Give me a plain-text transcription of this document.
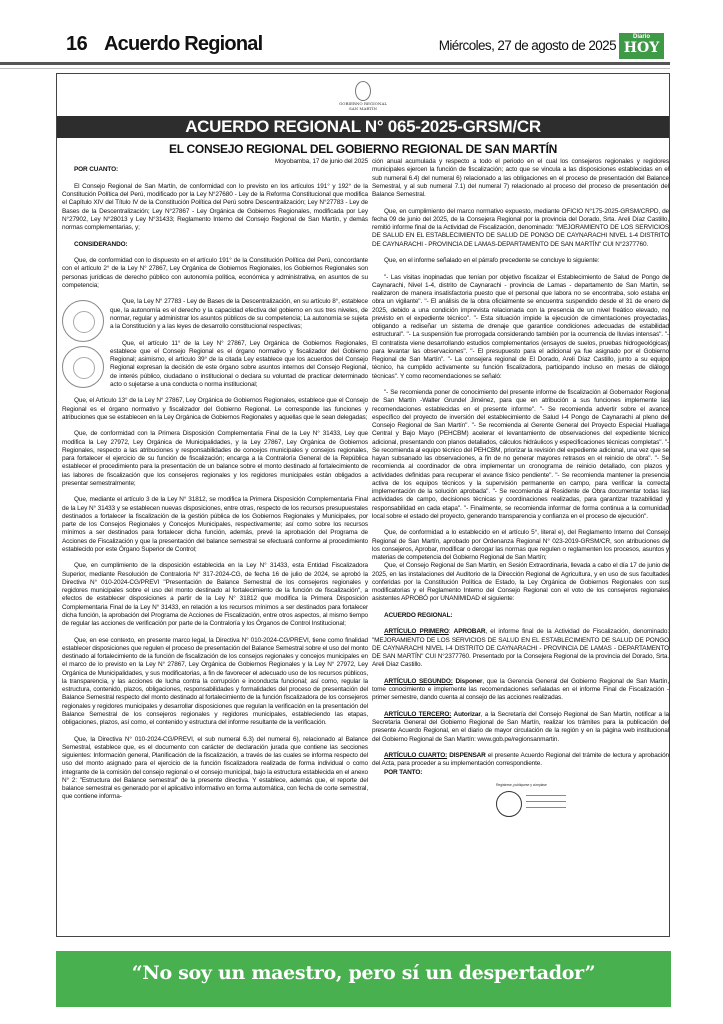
16 Acuerdo Regional	Miércoles, 27 de agosto de 2025
Diario
HOY
GOBIERNO REGIONAL
SAN MARTÍN
ACUERDO REGIONAL N° 065-2025-GRSM/CR
EL CONSEJO REGIONAL DEL GOBIERNO REGIONAL DE SAN MARTÍN
Moyobamba, 17 de junio del 2025
POR CUANTO:

El Consejo Regional de San Martín, de conformidad con lo previsto en los artículos 191° y 192° de la Constitución Política del Perú, modificado por la Ley N°27680 - Ley de la Reforma Constitucional que modifica el Capítulo XIV del Título IV de la Constitución Política del Perú sobre Descentralización; Ley N°27783 - Ley de Bases de la Descentralización; Ley N°27867 - Ley Orgánica de Gobiernos Regionales, modificada por Ley N°27902, Ley N°28013 y Ley N°31433; Reglamento Interno del Consejo Regional de San Martín, y demás normas complementarias, y;

CONSIDERANDO:

Que, de conformidad con lo dispuesto en el artículo 191° de la Constitución Política del Perú, concordante con el artículo 2° de la Ley N° 27867, Ley Orgánica de Gobiernos Regionales, los Gobiernos Regionales son personas jurídicas de derecho público con autonomía política, económica y administrativa, en asuntos de su competencia;

Que, la Ley N° 27783 - Ley de Bases de la Descentralización, en su artículo 8°, establece que, la autonomía es el derecho y la capacidad efectiva del gobierno en sus tres niveles, de normar, regular y administrar los asuntos públicos de su competencia; La autonomía se sujeta a la Constitución y a las leyes de desarrollo constitucional respectivas;

Que, el artículo 11° de la Ley N° 27867, Ley Orgánica de Gobiernos Regionales, establece que el Consejo Regional es el órgano normativo y fiscalizador del Gobierno Regional; asimismo, el artículo 39° de la citada Ley establece que los acuerdos del Consejo Regional expresan la decisión de este órgano sobre asuntos internos del Consejo Regional, de interés público, ciudadano o institucional o declara su voluntad de practicar determinado acto o sujetarse a una conducta o norma institucional;

Que, el Artículo 13° de la Ley N° 27867, Ley Orgánica de Gobiernos Regionales, establece que el Consejo Regional es el órgano normativo y fiscalizador del Gobierno Regional. Le corresponde las funciones y atribuciones que se establecen en la Ley Orgánica de Gobiernos Regionales y aquellas que le sean delegadas;

Que, de conformidad con la Primera Disposición Complementaria Final de la Ley N° 31433, Ley que modifica la Ley 27972, Ley Orgánica de Municipalidades, y la Ley 27867, Ley Orgánica de Gobiernos Regionales, respecto a las atribuciones y responsabilidades de concejos municipales y consejos regionales, para fortalecer el ejercicio de su función de fiscalización; encarga a la Contraloría General de la República establecer el procedimiento para la presentación de un balance sobre el monto destinado al fortalecimiento de las labores de fiscalización que los consejeros regionales y los regidores municipales están obligados a presentar semestralmente;

Que, mediante el artículo 3 de la Ley N° 31812, se modifica la Primera Disposición Complementaria Final de la Ley N° 31433 y se establecen nuevas disposiciones, entre otras, respecto de los recursos presupuestales destinados a fortalecer la fiscalización de la gestión pública de los Gobiernos Regionales y Municipales, por parte de los Consejos Regionales y Concejos Municipales, respectivamente; así como sobre los recursos mínimos a ser destinados para fortalecer dicha función, además, prevé la aprobación del Programa de Acciones de Fiscalización y que la presentación del balance semestral se efectuará conforme al procedimiento establecido por este Órgano Superior de Control;

Que, en cumplimiento de la disposición establecida en la Ley N° 31433, esta Entidad Fiscalizadora Superior, mediante Resolución de Contraloría N° 317-2024-CG, de fecha 16 de julio de 2024, se aprobó la Directiva N° 010-2024-CG/PREVI "Presentación de Balance Semestral de los consejeros regionales y regidores municipales sobre el uso del monto destinado al fortalecimiento de la función de fiscalización", a efectos de establecer disposiciones a partir de la Ley N° 31812 que modifica la Primera Disposición Complementaria Final de la Ley N° 31433, en relación a los recursos mínimos a ser destinados para fortalecer dicha función, la aprobación del Programa de Acciones de Fiscalización, entre otros aspectos, al mismo tiempo de regular las acciones de verificación por parte de la Contraloría y los Órganos de Control Institucional;

Que, en ese contexto, en presente marco legal, la Directiva N° 010-2024-CG/PREVI, tiene como finalidad establecer disposiciones que regulen el proceso de presentación del Balance Semestral sobre el uso del monto destinado al fortalecimiento de la función de fiscalización de los consejos regionales y concejos municipales en el marco de lo previsto en la Ley N° 27867, Ley Orgánica de Gobiernos Regionales y la Ley N° 27972, Ley Orgánica de Municipalidades, y sus modificatorias, a fin de favorecer el adecuado uso de los recursos públicos, la transparencia, y las acciones de lucha contra la corrupción e inconducta funcional; así como, regular la estructura, contenido, plazos, obligaciones, responsabilidades y formalidades del proceso de presentación del Balance Semestral respecto del monto destinado al fortalecimiento de la función fiscalizadora de los consejeros regionales y regidores municipales y desarrollar disposiciones que regulan la verificación en la presentación del Balance Semestral de los consejeros regionales y regidores municipales, estableciendo las etapas, obligaciones, plazos, así como, el contenido y estructura del informe resultante de la verificación.

Que, la Directiva N° 010-2024-CG/PREVI, el sub numeral 6.3) del numeral 6), relacionado al Balance Semestral, establece que, es el documento con carácter de declaración jurada que contiene las secciones siguientes: Información general, Planificación de la fiscalización, a través de las cuales se informa respecto del uso del monto asignado para el ejercicio de la función fiscalizadora realizada de forma individual o como integrante de la comisión del consejo regional o el consejo municipal, bajo la estructura establecida en el anexo N° 2: "Estructura del Balance semestral" de la presente directiva. Y establece, además que, el reporte del balance semestral es generado por el aplicativo informativo en forma automática, con fecha de corte semestral, que contiene informa-

ción anual acumulada y respecto a todo el periodo en el cual los consejeros regionales y regidores municipales ejercen la función de fiscalización; acto que se vincula a las disposiciones establecidas en el sub numeral 6.4) del numeral 6) relacionado a las obligaciones en el proceso de presentación del Balance Semestral, y al sub numeral 7.1) del numeral 7) relacionado al proceso del proceso de presentación del Balance Semestral.

Que, en cumplimiento del marco normativo expuesto, mediante OFICIO N°175-2025-GRSM/CRPD, de fecha 09 de junio del 2025, de la Consejera Regional por la provincia del Dorado, Srta. Areli Díaz Castillo, remitió informe final de la Actividad de Fiscalización, denominado: "MEJORAMIENTO DE LOS SERVICIOS DE SALUD EN EL ESTABLECIMIENTO DE SALUD DE PONGO DE CAYNARACHI NIVEL 1-4 DISTRITO DE CAYNARACHI - PROVINCIA DE LAMAS-DEPARTAMENTO DE SAN MARTÍN" CUI N°2377760.

Que, en el informe señalado en el párrafo precedente se concluye lo siguiente:

"- Las visitas inopinadas que tenían por objetivo fiscalizar el Establecimiento de Salud de Pongo de Caynarachi, Nivel 1-4, distrito de Caynarachi - provincia de Lamas - departamento de San Martín, se realizaron de manera insatisfactoria puesto que el personal que labora no se encontraba, solo estaba en obra un vigilante". "- El análisis de la obra oficialmente se encuentra suspendido desde el 31 de enero de 2025, debido a una condición imprevista relacionada con la presencia de un nivel freático elevado, no previsto en el expediente técnico". "- Esta situación impide la ejecución de cimentaciones proyectadas, obligando a rediseñar un sistema de drenaje que garantice condiciones adecuadas de estabilidad estructural". "- La suspensión fue prorrogada considerando también por la ocurrencia de lluvias intensas". "- El contratista viene desarrollando estudios complementarios (ensayos de suelos, pruebas hidrogeológicas) para levantar las observaciones". "- El presupuesto para el adicional ya fue asignado por el Gobierno Regional de San Martín". "- La consejera regional de El Dorado, Areli Díaz Castillo, junto a su equipo técnico, ha cumplido activamente su función fiscalizadora, participando incluso en mesas de diálogo técnicas". Y como recomendaciones se señaló:

"- Se recomienda poner de conocimiento del presente informe de fiscalización al Gobernador Regional de San Martín -Walter Grundel Jiménez, para que en atribución a sus funciones implemente las recomendaciones establecidas en el presente informe". "- Se recomienda advertir sobre el avance específico del proyecto de inversión del establecimiento de Salud I-4 Pongo de Caynarachi al pleno del Consejo Regional de San Martín". "- Se recomienda al Gerente General del Proyecto Especial Huallaga Central y Bajo Mayo (PEHCBM) acelerar el levantamiento de observaciones del expediente técnico adicional, presentando con planos detallados, cálculos hidráulicos y especificaciones técnicas completas". "- Se recomienda al equipo técnico del PEHCBM, priorizar la revisión del expediente adicional, una vez que se hayan subsanado las observaciones, a fin de no generar mayores retrasos en el reinicio de obra". "- Se recomienda al coordinador de obra implementar un cronograma de reinicio detallado, con plazos y actividades definidas para recuperar el avance físico pendiente". "- Se recomienda mantener la presencia activa de los equipos técnicos y la supervisión permanente en campo, para verificar la correcta implementación de la solución aprobada". "- Se recomienda al Residente de Obra documentar todas las actividades de campo, decisiones técnicas y coordinaciones realizadas, para garantizar trazabilidad y responsabilidad en cada etapa". "- Finalmente, se recomienda informar de forma continua a la comunidad local sobre el estado del proyecto, generando transparencia y confianza en el proceso de ejecución".

Que, de conformidad a lo establecido en el artículo 5°, literal e), del Reglamento Interno del Consejo Regional de San Martín, aprobado por Ordenanza Regional N° 023-2019-GRSM/CR, son atribuciones de los consejeros, Aprobar, modificar o derogar las normas que regulen o reglamenten los procesos, asuntos y materias de competencia del Gobierno Regional de San Martín;

Que, el Consejo Regional de San Martín, en Sesión Extraordinaria, llevada a cabo el día 17 de junio de 2025, en las instalaciones del Auditorio de la Dirección Regional de Agricultura, y en uso de sus facultades conferidas por la Constitución Política de Estado, la Ley Orgánica de Gobiernos Regionales con sus modificatorias y el Reglamento Interno del Consejo Regional con el voto de los consejeros regionales asistentes APROBÓ por UNANIMIDAD el siguiente:

ACUERDO REGIONAL:

ARTÍCULO PRIMERO: APROBAR, el informe final de la Actividad de Fiscalización, denominado: "MEJORAMIENTO DE LOS SERVICIOS DE SALUD EN EL ESTABLECIMIENTO DE SALUD DE PONGO DE CAYNARACHI NIVEL I-4 DISTRITO DE CAYNARACHI - PROVINCIA DE LAMAS - DEPARTAMENTO DE SAN MARTÍN" CUI N°2377760. Presentado por la Consejera Regional de la provincia del Dorado, Srta. Areli Díaz Castillo.

ARTÍCULO SEGUNDO: Disponer, que la Gerencia General del Gobierno Regional de San Martín, tome conocimiento e implemente las recomendaciones señaladas en el informe Final de Fiscalización - primer semestre, dando cuenta al consejo de las acciones realizadas.

ARTÍCULO TERCERO: Autorizar, a la Secretaría del Consejo Regional de San Martín, notificar a la Secretaría General del Gobierno Regional de San Martín, realizar los trámites para la publicación del presente Acuerdo Regional, en el diario de mayor circulación de la región y en la página web institucional del Gobierno Regional de San Martín: www.gob.pe/regionsanmartin.

ARTÍCULO CUARTO: DISPENSAR el presente Acuerdo Regional del trámite de lectura y aprobación del Acta, para proceder a su implementación correspondiente.

POR TANTO:
Regístrese, publíquese y cúmplase
“No soy un maestro, pero sí un despertador”
